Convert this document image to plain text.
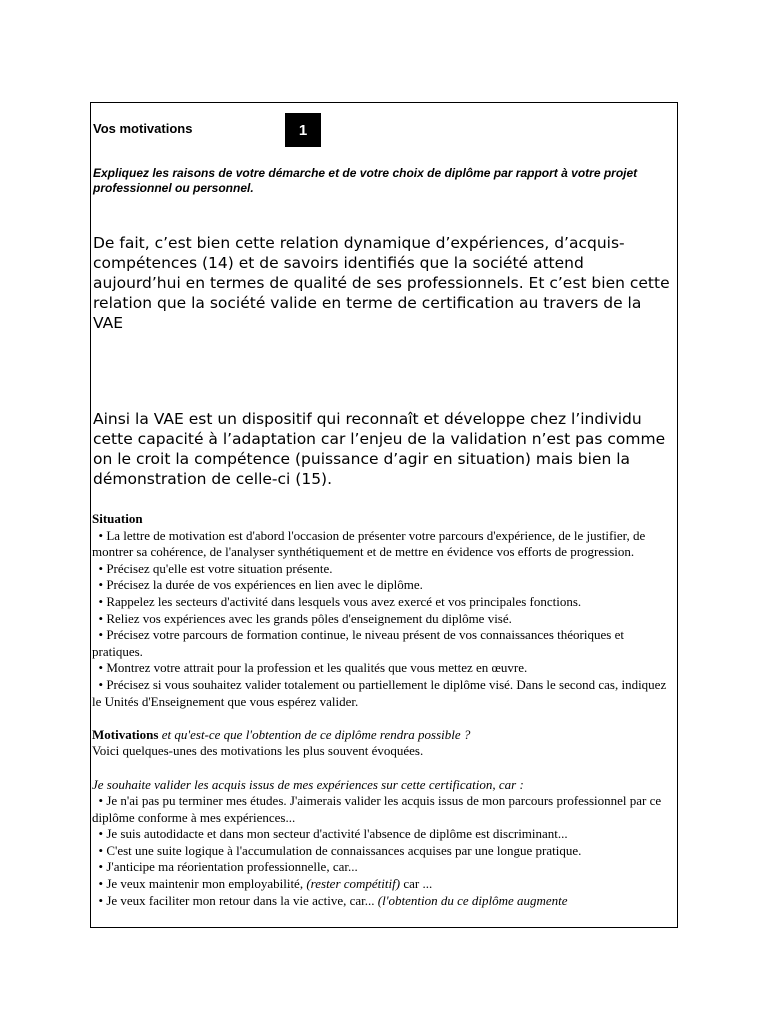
Vos motivations	1
Expliquez les raisons de votre démarche et de votre choix de diplôme par rapport à votre projet professionnel ou personnel.
De fait, c’est bien cette relation dynamique d’expériences, d’acquis-compétences (14) et de savoirs identifiés que la société attend aujourd’hui en termes de qualité de ses professionnels. Et c’est bien cette relation que la société valide en terme de certification au travers de la VAE
Ainsi la VAE est un dispositif qui reconnaît et développe chez l’individu cette capacité à l’adaptation car l’enjeu de la validation n’est pas comme on le croit la compétence (puissance d’agir en situation) mais bien la démonstration de celle-ci (15).

Situation

• La lettre de motivation est d'abord l'occasion de présenter votre parcours d'expérience, de le justifier, de montrer sa cohérence, de l'analyser synthétiquement et de mettre en évidence vos efforts de progression.

• Précisez qu'elle est votre situation présente.

• Précisez la durée de vos expériences en lien avec le diplôme.

• Rappelez les secteurs d'activité dans lesquels vous avez exercé et vos principales fonctions.

• Reliez vos expériences avec les grands pôles d'enseignement du diplôme visé.

• Précisez votre parcours de formation continue, le niveau présent de vos connaissances théoriques et pratiques.

• Montrez votre attrait pour la profession et les qualités que vous mettez en œuvre.

• Précisez si vous souhaitez valider totalement ou partiellement le diplôme visé. Dans le second cas, indiquez le Unités d'Enseignement que vous espérez valider.

Motivations et qu'est-ce que l'obtention de ce diplôme rendra possible ?

Voici quelques-unes des motivations les plus souvent évoquées.

Je souhaite valider les acquis issus de mes expériences sur cette certification, car :

• Je n'ai pas pu terminer mes études. J'aimerais valider les acquis issus de mon parcours professionnel par ce diplôme conforme à mes expériences...

• Je suis autodidacte et dans mon secteur d'activité l'absence de diplôme est discriminant...

• C'est une suite logique à l'accumulation de connaissances acquises par une longue pratique.

• J'anticipe ma réorientation professionnelle, car...

• Je veux maintenir mon employabilité, (rester compétitif) car ...

• Je veux faciliter mon retour dans la vie active, car... (l'obtention du ce diplôme augmente
